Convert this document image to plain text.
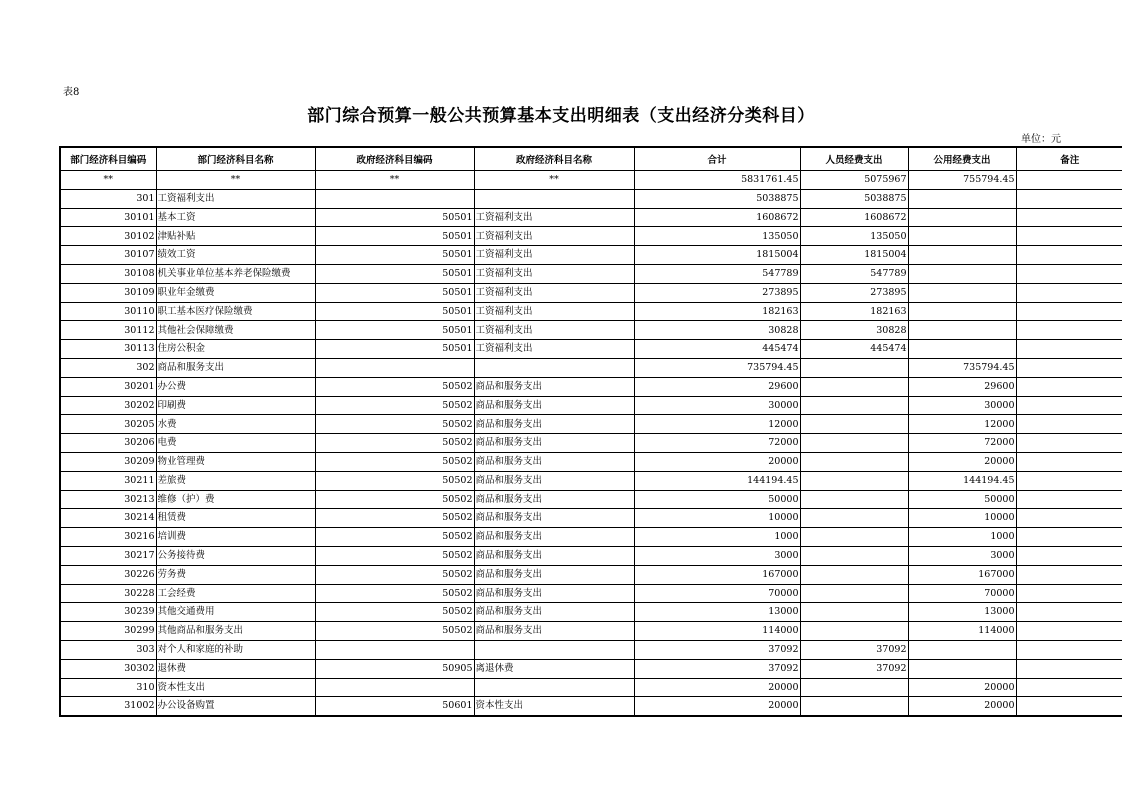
表8
部门综合预算一般公共预算基本支出明细表（支出经济分类科目）
单位：元
部门经济科目编码	部门经济科目名称	政府经济科目编码	政府经济科目名称	合计	人员经费支出	公用经费支出	备注
**	**	**	**	5831761.45	5075967	755794.45	
301	工资福利支出			5038875	5038875		
30101	基本工资	50501	工资福利支出	1608672	1608672		
30102	津贴补贴	50501	工资福利支出	135050	135050		
30107	绩效工资	50501	工资福利支出	1815004	1815004		
30108	机关事业单位基本养老保险缴费	50501	工资福利支出	547789	547789		
30109	职业年金缴费	50501	工资福利支出	273895	273895		
30110	职工基本医疗保险缴费	50501	工资福利支出	182163	182163		
30112	其他社会保障缴费	50501	工资福利支出	30828	30828		
30113	住房公积金	50501	工资福利支出	445474	445474		
302	商品和服务支出			735794.45		735794.45	
30201	办公费	50502	商品和服务支出	29600		29600	
30202	印刷费	50502	商品和服务支出	30000		30000	
30205	水费	50502	商品和服务支出	12000		12000	
30206	电费	50502	商品和服务支出	72000		72000	
30209	物业管理费	50502	商品和服务支出	20000		20000	
30211	差旅费	50502	商品和服务支出	144194.45		144194.45	
30213	维修（护）费	50502	商品和服务支出	50000		50000	
30214	租赁费	50502	商品和服务支出	10000		10000	
30216	培训费	50502	商品和服务支出	1000		1000	
30217	公务接待费	50502	商品和服务支出	3000		3000	
30226	劳务费	50502	商品和服务支出	167000		167000	
30228	工会经费	50502	商品和服务支出	70000		70000	
30239	其他交通费用	50502	商品和服务支出	13000		13000	
30299	其他商品和服务支出	50502	商品和服务支出	114000		114000	
303	对个人和家庭的补助			37092	37092		
30302	退休费	50905	离退休费	37092	37092		
310	资本性支出			20000		20000	
31002	办公设备购置	50601	资本性支出	20000		20000	
